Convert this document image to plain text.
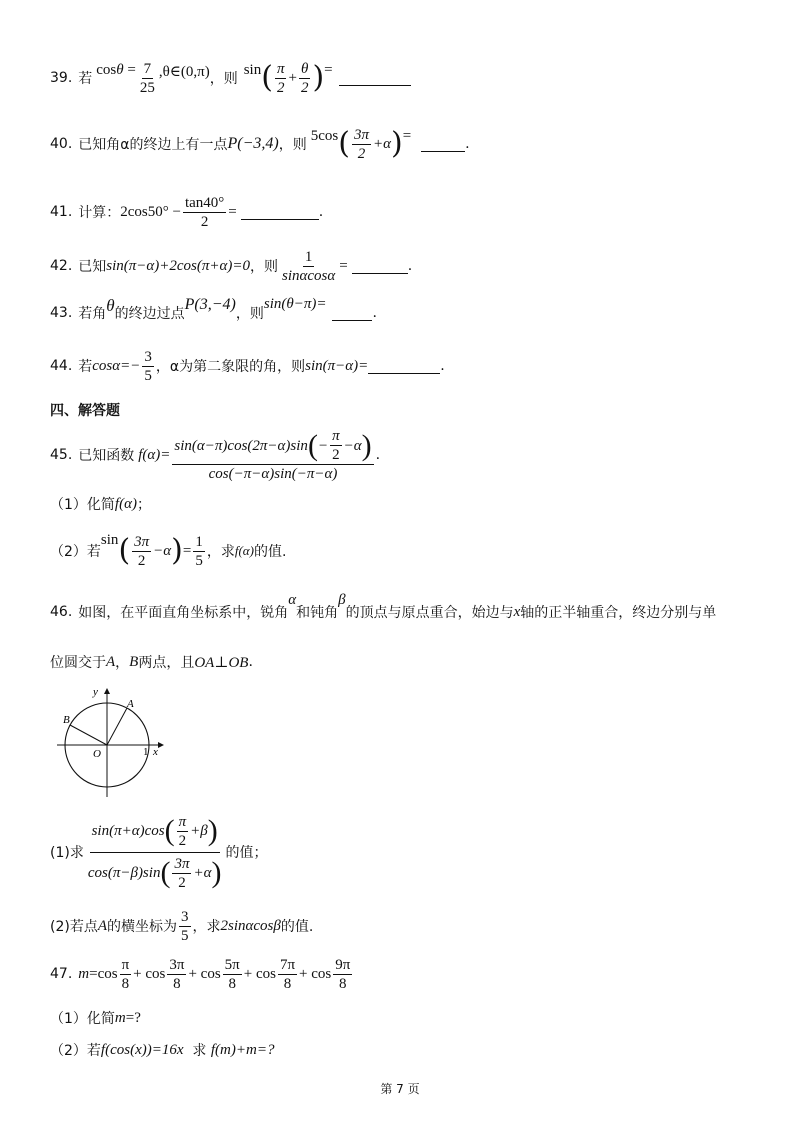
39. 若
$\cos\theta = \frac{7}{25}$ ,θ∈(0,π) ，则
sin ( $\frac{\pi}{2} + \frac{\theta}{2}$ ) =
40. 已知角α的终边上有一点 P(−3,4) ，则
5cos ( $\frac{3\pi}{2} +\alpha$ ) =	.
41. 计算： $2\cos 50^\circ - \frac{\tan 40^\circ}{2}$ =	.
42. 已知 sin(π−α)+2cos(π+α)=0 ，则 $\frac{1}{\sin\alpha\cos\alpha}$ =	.
43. 若角 θ 的终边过点
P(3,−4)
，则
sin(θ−π)=
.
44. 若 $\cos\alpha=- \frac{3}{5}$ ，α为第二象限的角，则 sin(π−α)=	.
四、解答题
45. 已知函数 f(α)=
sin(α−π)cos(2π−α)sin ( − $\frac{\pi}{2} -\alpha$ )
cos(−π−α)sin(−π−α)
.
（1）化简 f(α) ；
（2）若
sin ( $\frac{3\pi}{2} -\alpha$ ) = $\frac{1}{5}$ ，求 f(α) 的值.
46. 如图，在平面直角坐标系中，锐角
α
和钝角
β
的顶点与原点重合，始边与 x 轴的正半轴重合，终边分别与单
位圆交于 A ， B 两点，且 OA⊥OB .
y
x
O	1
A
B
(1)求 $\frac{\sin(\pi+\alpha)\cos ( \frac{\pi}{2} +\beta )}{\cos(\pi-\beta)\sin ( \frac{3\pi}{2} +\alpha )}$ 的值；
(2)若点 A 的横坐标为 $\frac{3}{5}$ ，求 2sinαcosβ 的值.
47. $m =\cos \frac{\pi}{8} + \cos \frac{3\pi}{8} + \cos \frac{5\pi}{8} + \cos \frac{7\pi}{8} + \cos \frac{9\pi}{8}$
（1）化简 m =?
（2）若 f(cos(x))=16x 求 f(m)+m=?
第 7 页
